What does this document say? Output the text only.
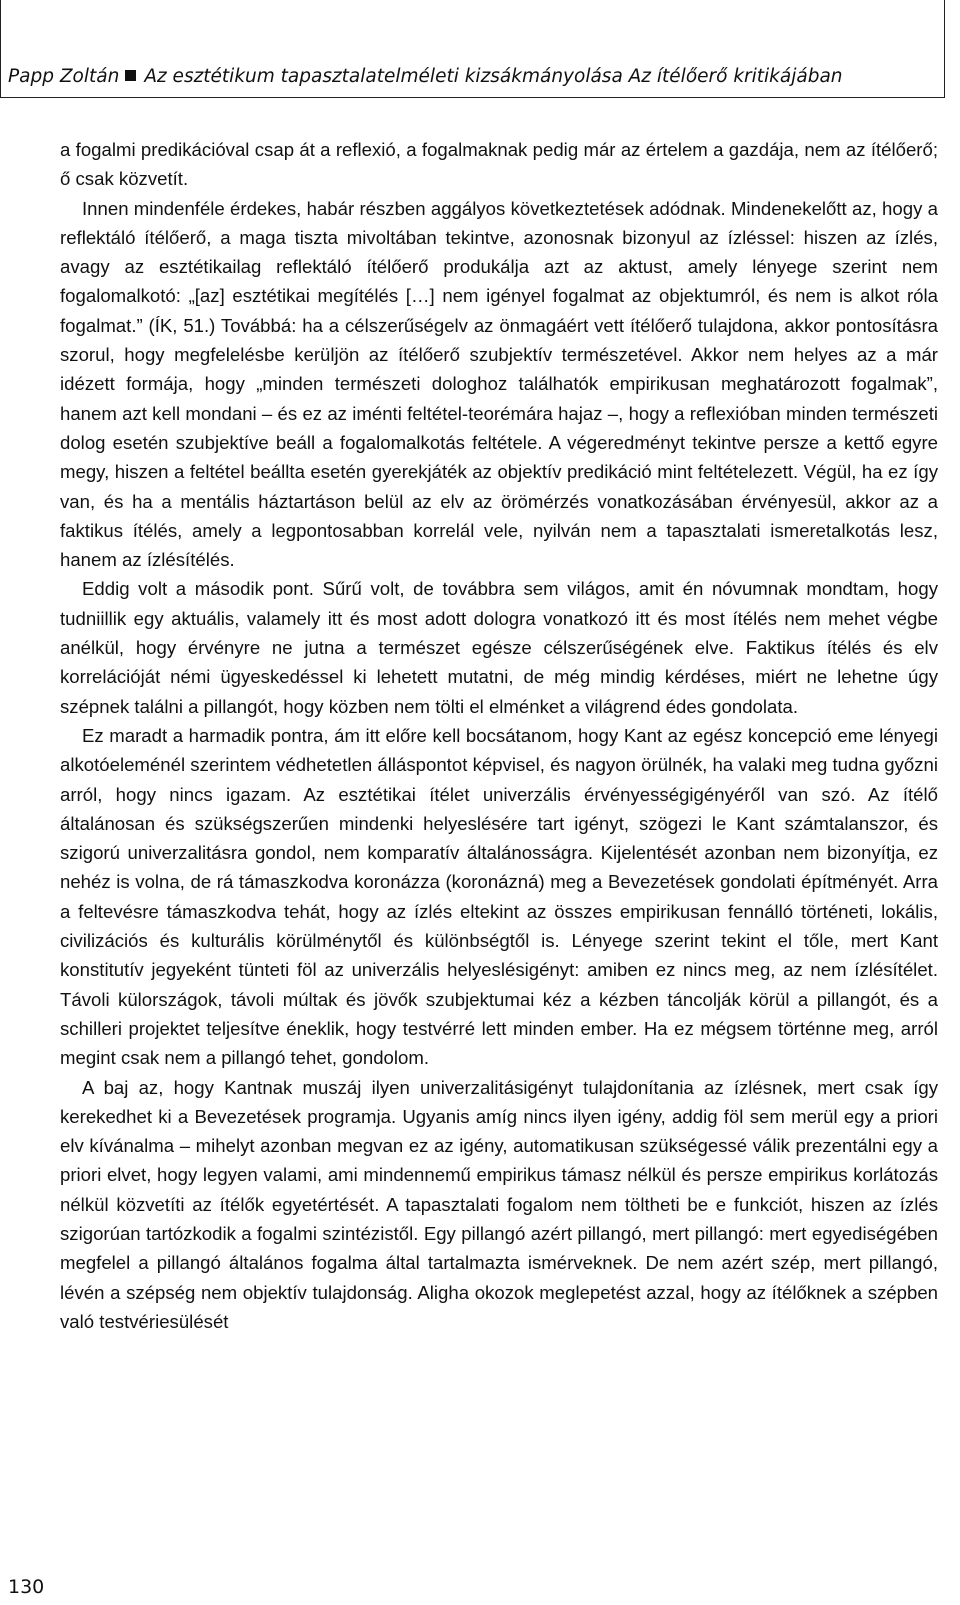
Papp Zoltán Az esztétikum tapasztalatelméleti kizsákmányolása Az ítélőerő kritikájában

a fogalmi predikációval csap át a reflexió, a fogalmaknak pedig már az értelem a gazdája, nem az ítélőerő; ő csak közvetít.

Innen mindenféle érdekes, habár részben aggályos következtetések adódnak. Mindenekelőtt az, hogy a reflektáló ítélőerő, a maga tiszta mivoltában tekintve, azonosnak bizonyul az ízléssel: hiszen az ízlés, avagy az esztétikailag reflektáló ítélőerő produkálja azt az aktust, amely lényege szerint nem fogalomalkotó: „[az] esztétikai megítélés […] nem igényel fogalmat az objektumról, és nem is alkot róla fogalmat.” (ÍK, 51.) Továbbá: ha a célszerűségelv az önmagáért vett ítélőerő tulajdona, akkor pontosításra szorul, hogy megfelelésbe kerüljön az ítélőerő szubjektív természetével. Akkor nem helyes az a már idézett formája, hogy „minden természeti dologhoz találhatók empirikusan meghatározott fogalmak”, hanem azt kell mondani – és ez az iménti feltétel-teorémára hajaz –, hogy a reflexióban minden természeti dolog esetén szubjektíve beáll a fogalomalkotás feltétele. A végeredményt tekintve persze a kettő egyre megy, hiszen a feltétel beállta esetén gyerekjáték az objektív predikáció mint feltételezett. Végül, ha ez így van, és ha a mentális háztartáson belül az elv az örömérzés vonatkozásában érvényesül, akkor az a faktikus ítélés, amely a legpontosabban korrelál vele, nyilván nem a tapasztalati ismeretalkotás lesz, hanem az ízlésítélés.

Eddig volt a második pont. Sűrű volt, de továbbra sem világos, amit én nóvumnak mondtam, hogy tudniillik egy aktuális, valamely itt és most adott dologra vonatkozó itt és most ítélés nem mehet végbe anélkül, hogy érvényre ne jutna a természet egésze célszerűségének elve. Faktikus ítélés és elv korrelációját némi ügyeskedéssel ki lehetett mutatni, de még mindig kérdéses, miért ne lehetne úgy szépnek találni a pillangót, hogy közben nem tölti el elménket a világrend édes gondolata.

Ez maradt a harmadik pontra, ám itt előre kell bocsátanom, hogy Kant az egész koncepció eme lényegi alkotóeleménél szerintem védhetetlen álláspontot képvisel, és nagyon örülnék, ha valaki meg tudna győzni arról, hogy nincs igazam. Az esztétikai ítélet univerzális érvényességigényéről van szó. Az ítélő általánosan és szükségszerűen mindenki helyeslésére tart igényt, szögezi le Kant számtalanszor, és szigorú univerzalitásra gondol, nem komparatív általánosságra. Kijelentését azonban nem bizonyítja, ez nehéz is volna, de rá támaszkodva koronázza (koronázná) meg a Bevezetések gondolati építményét. Arra a feltevésre támaszkodva tehát, hogy az ízlés eltekint az összes empirikusan fennálló történeti, lokális, civilizációs és kulturális körülménytől és különbségtől is. Lényege szerint tekint el tőle, mert Kant konstitutív jegyeként tünteti föl az univerzális helyeslésigényt: amiben ez nincs meg, az nem ízlésítélet. Távoli külországok, távoli múltak és jövők szubjektumai kéz a kézben táncolják körül a pillangót, és a schilleri projektet teljesítve éneklik, hogy testvérré lett minden ember. Ha ez mégsem történne meg, arról megint csak nem a pillangó tehet, gondolom.

A baj az, hogy Kantnak muszáj ilyen univerzalitásigényt tulajdonítania az ízlésnek, mert csak így kerekedhet ki a Bevezetések programja. Ugyanis amíg nincs ilyen igény, addig föl sem merül egy a priori elv kívánalma – mihelyt azonban megvan ez az igény, automatikusan szükségessé válik prezentálni egy a priori elvet, hogy legyen valami, ami mindennemű empirikus támasz nélkül és persze empirikus korlátozás nélkül közvetíti az ítélők egyetértését. A tapasztalati fogalom nem töltheti be e funkciót, hiszen az ízlés szigorúan tartózkodik a fogalmi szintézistől. Egy pillangó azért pillangó, mert pillangó: mert egyediségében megfelel a pillangó általános fogalma által tartalmazta ismérveknek. De nem azért szép, mert pillangó, lévén a szépség nem objektív tulajdonság. Aligha okozok meglepetést azzal, hogy az ítélőknek a szépben való testvériesülését

130
